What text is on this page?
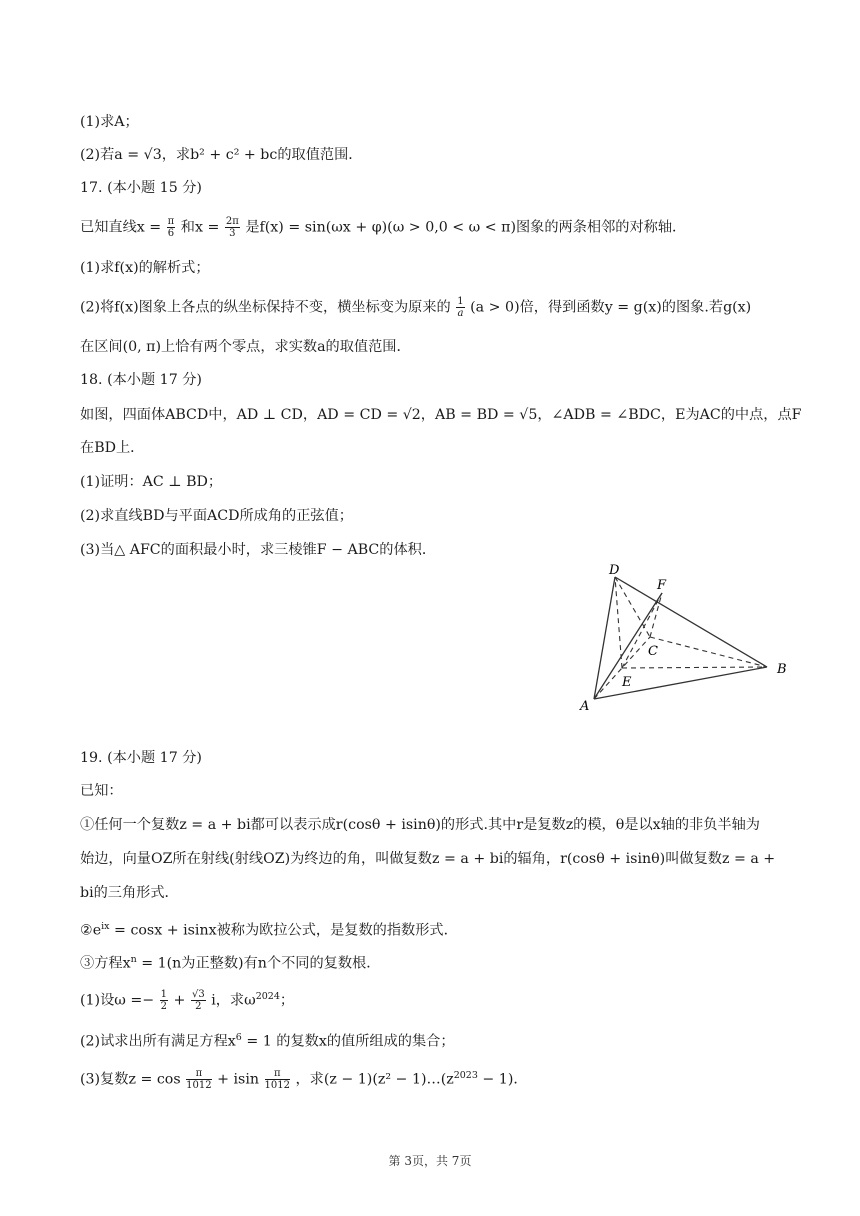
(1)求A；
(2)若a = √3，求b² + c² + bc的取值范围．
17. (本小题 15 分)
已知直线$x = \frac{\pi}{6}$ 和$x = \frac{2\pi}{3}$ 是f(x) = sin(ωx + φ)(ω > 0,0 < ω < π)图象的两条相邻的对称轴．
(1)求f(x)的解析式；
(2)将f(x)图象上各点的纵坐标保持不变，横坐标变为原来的 $\frac{1}{a} (a > 0)$倍，得到函数y = g(x)的图象.若g(x)
在区间(0, π)上恰有两个零点，求实数a的取值范围．
18. (本小题 17 分)
如图，四面体ABCD中，AD ⊥ CD，AD = CD = √2，AB = BD = √5，∠ADB = ∠BDC，E为AC的中点，点F
在BD上．
(1)证明：AC ⊥ BD；
(2)求直线BD与平面ACD所成角的正弦值；
(3)当△ AFC的面积最小时，求三棱锥F − ABC的体积．
D
F
C
E
B
A
19. (本小题 17 分)
已知：
①任何一个复数z = a + bi都可以表示成r(cosθ + isinθ)的形式.其中r是复数z的模，θ是以x轴的非负半轴为
始边，向量OZ所在射线(射线OZ)为终边的角，叫做复数z = a + bi的辐角，r(cosθ + isinθ)叫做复数z = a +
bi的三角形式．
$②e^{ix} = \cos x + isinx$被称为欧拉公式，是复数的指数形式．
③方程$x^n = 1(n$为正整数)有n个不同的复数根．
(1)设$\omega =- \frac{1}{2} + \frac{√3}{2}$ i，求$\omega^{2024}$；
(2)试求出所有满足方程$x^6 = 1$ 的复数x的值所组成的集合；
(3)复数$z = \cos \frac{\pi}{1012} + isin \frac{\pi}{1012}$ ，求$(z - 1)(z^2 - 1)\dots(z^{2023} - 1)$．
第 3页，共 7页
